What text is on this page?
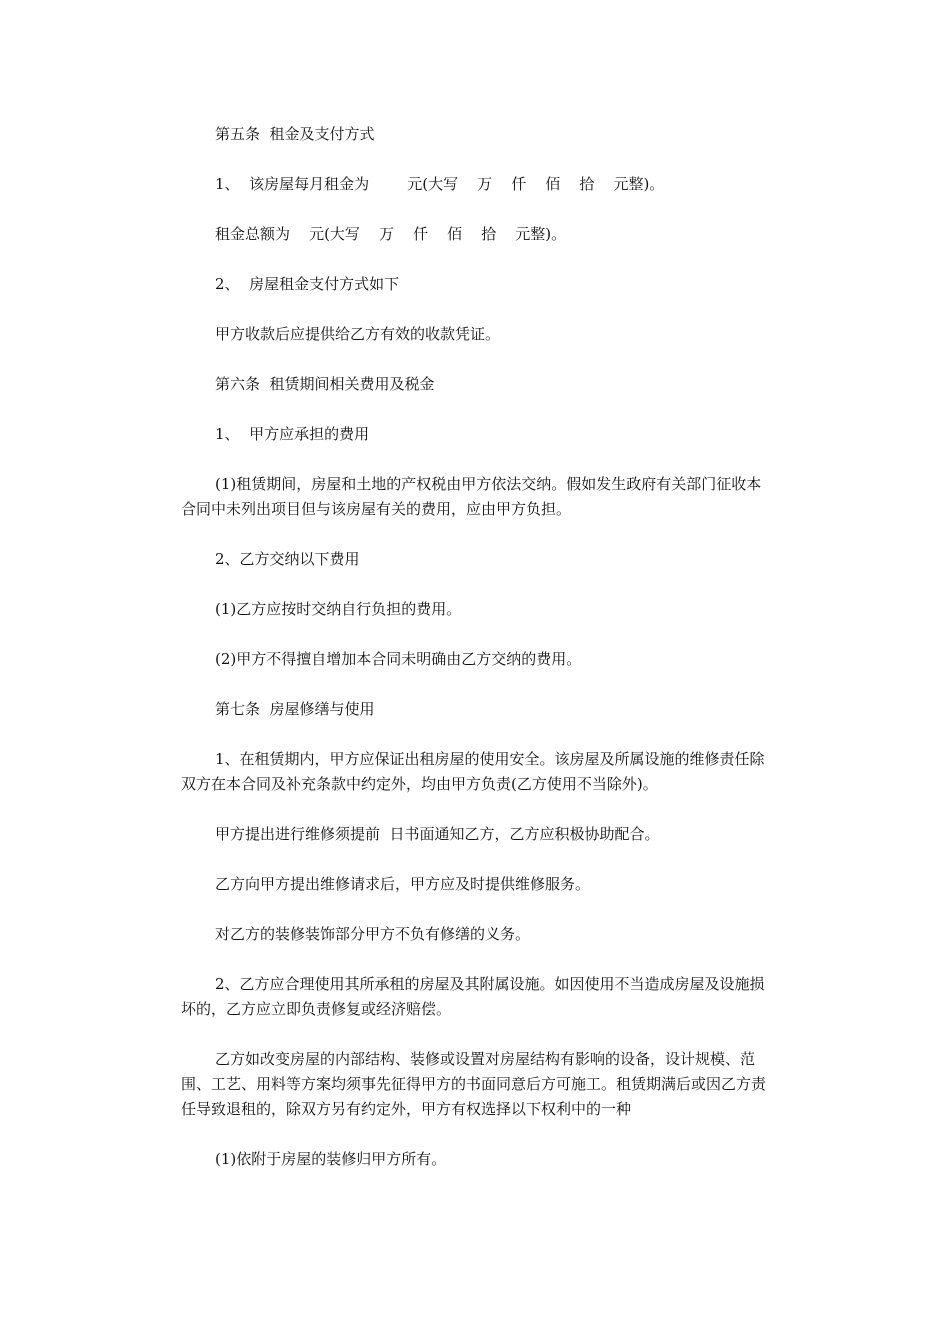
第五条  租金及支付方式

1、  该房屋每月租金为        元(大写    万    仟    佰    拾    元整)。

租金总额为    元(大写    万    仟    佰    拾    元整)。

2、  房屋租金支付方式如下

甲方收款后应提供给乙方有效的收款凭证。

第六条  租赁期间相关费用及税金

1、  甲方应承担的费用

(1)租赁期间，房屋和土地的产权税由甲方依法交纳。假如发生政府有关部门征收本合同中未列出项目但与该房屋有关的费用，应由甲方负担。

2、乙方交纳以下费用

(1)乙方应按时交纳自行负担的费用。

(2)甲方不得擅自增加本合同未明确由乙方交纳的费用。

第七条  房屋修缮与使用

1、在租赁期内，甲方应保证出租房屋的使用安全。该房屋及所属设施的维修责任除双方在本合同及补充条款中约定外，均由甲方负责(乙方使用不当除外)。

甲方提出进行维修须提前  日书面通知乙方，乙方应积极协助配合。

乙方向甲方提出维修请求后，甲方应及时提供维修服务。

对乙方的装修装饰部分甲方不负有修缮的义务。

2、乙方应合理使用其所承租的房屋及其附属设施。如因使用不当造成房屋及设施损坏的，乙方应立即负责修复或经济赔偿。

乙方如改变房屋的内部结构、装修或设置对房屋结构有影响的设备，设计规模、范围、工艺、用料等方案均须事先征得甲方的书面同意后方可施工。租赁期满后或因乙方责任导致退租的，除双方另有约定外，甲方有权选择以下权利中的一种

(1)依附于房屋的装修归甲方所有。
